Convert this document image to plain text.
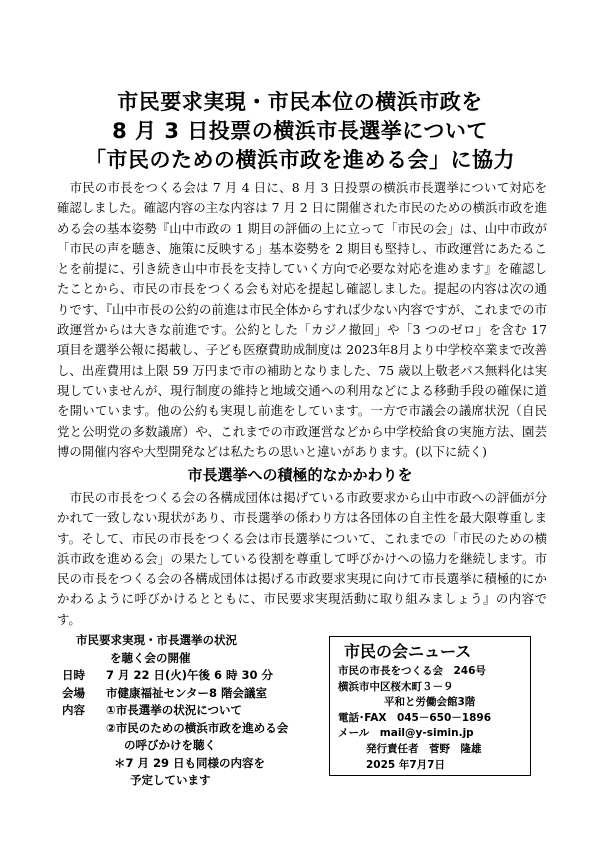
市民要求実現・市民本位の横浜市政を
8 月 3 日投票の横浜市長選挙について
「市民のための横浜市政を進める会」に協力

　市民の市長をつくる会は 7 月 4 日に、8 月 3 日投票の横浜市長選挙について対応を確認しました。確認内容の主な内容は 7 月 2 日に開催された市民のための横浜市政を進める会の基本姿勢『山中市政の 1 期目の評価の上に立って「市民の会」は、山中市政が「市民の声を聴き、施策に反映する」基本姿勢を 2 期目も堅持し、市政運営にあたることを前提に、引き続き山中市長を支持していく方向で必要な対応を進めます』を確認したことから、市民の市長をつくる会も対応を提起し確認しました。提起の内容は次の通りです、『山中市長の公約の前進は市民全体からすれば少ない内容ですが、これまでの市政運営からは大きな前進です。公約とした「カジノ撤回」や「3 つのゼロ」を含む 17 項目を選挙公報に掲載し、子ども医療費助成制度は 2023年8月より中学校卒業まで改善し、出産費用は上限 59 万円まで市の補助となりました、75 歳以上敬老パス無料化は実現していませんが、現行制度の維持と地域交通への利用などによる移動手段の確保に道を開いています。他の公約も実現し前進をしています。一方で市議会の議席状況（自民党と公明党の多数議席）や、これまでの市政運営などから中学校給食の実施方法、園芸博の開催内容や大型開発などは私たちの思いと違いがあります。(以下に続く)

市長選挙への積極的なかかわりを

　市民の市長をつくる会の各構成団体は掲げている市政要求から山中市政への評価が分かれて一致しない現状があり、市長選挙の係わり方は各団体の自主性を最大限尊重します。そして、市民の市長をつくる会は市長選挙について、これまでの「市民のための横浜市政を進める会」の果たしている役割を尊重して呼びかけへの協力を継続します。市民の市長をつくる会の各構成団体は掲げる市政要求実現に向けて市長選挙に積極的にかかわるように呼びかけるとともに、市民要求実現活動に取り組みましょう』の内容です。

市民要求実現・市長選挙の状況
を聴く会の開催
日時	7 月 22 日(火)午後 6 時 30 分
会場	市健康福祉センター8 階会議室
内容	①市長選挙の状況について
②市民のための横浜市政を進める会
の呼びかけを聴く
＊7 月 29 日も同様の内容を
予定しています
市民の会ニュース
市民の市長をつくる会　246号
横浜市中区桜木町３－９
平和と労働会館3階
電話･FAX　045－650－1896
メール　mail@y-simin.jp
発行責任者　菅野　隆雄
2025 年7月7日
